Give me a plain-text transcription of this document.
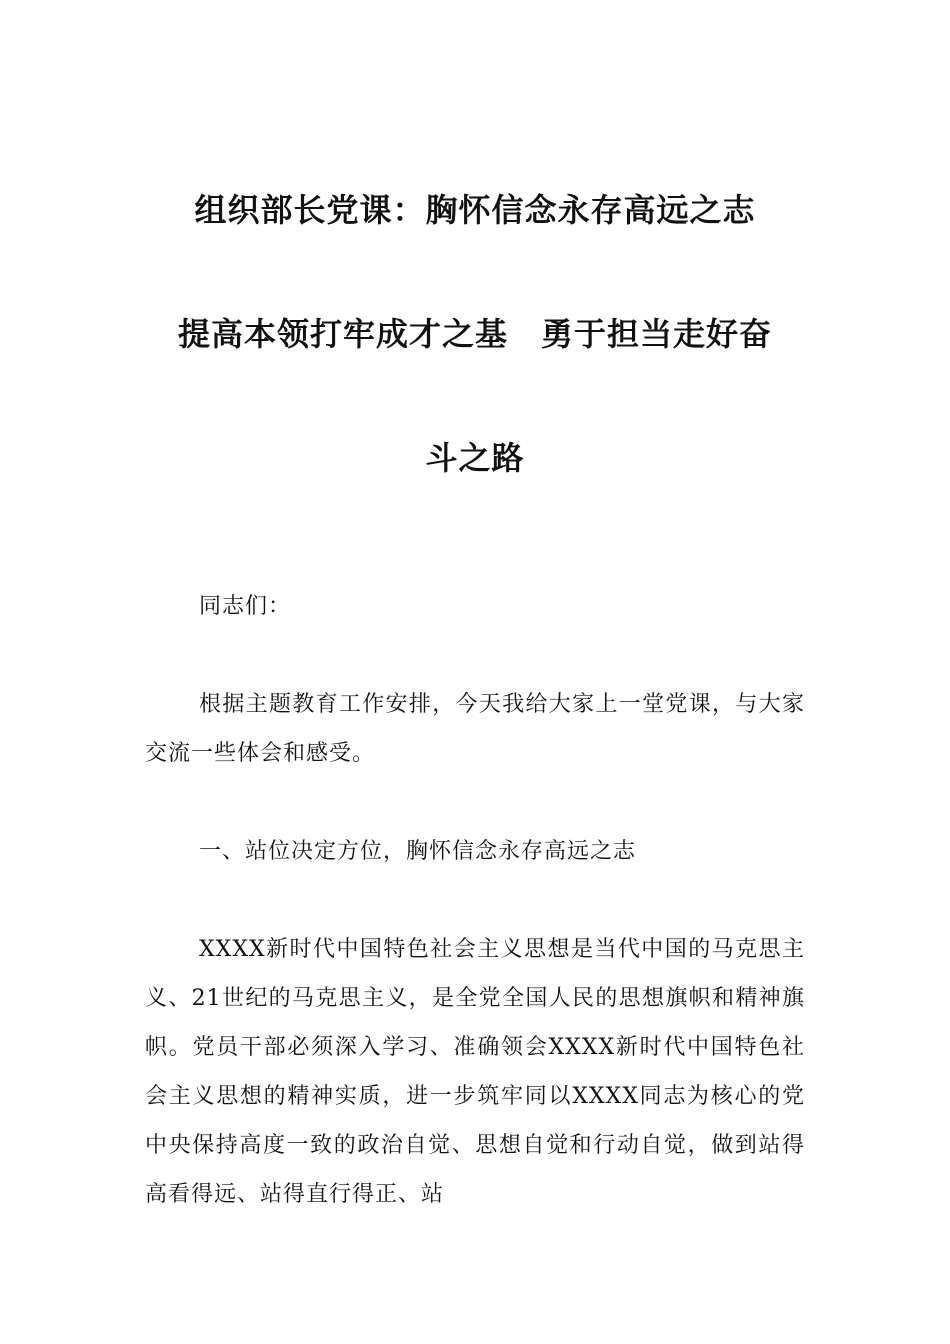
组织部长党课：胸怀信念永存高远之志
提高本领打牢成才之基　勇于担当走好奋
斗之路

同志们：

根据主题教育工作安排，今天我给大家上一堂党课，与大家交流一些体会和感受。

一、站位决定方位，胸怀信念永存高远之志

XXXX新时代中国特色社会主义思想是当代中国的马克思主义、21世纪的马克思主义，是全党全国人民的思想旗帜和精神旗帜。党员干部必须深入学习、准确领会XXXX新时代中国特色社会主义思想的精神实质，进一步筑牢同以XXXX同志为核心的党中央保持高度一致的政治自觉、思想自觉和行动自觉，做到站得高看得远、站得直行得正、站
